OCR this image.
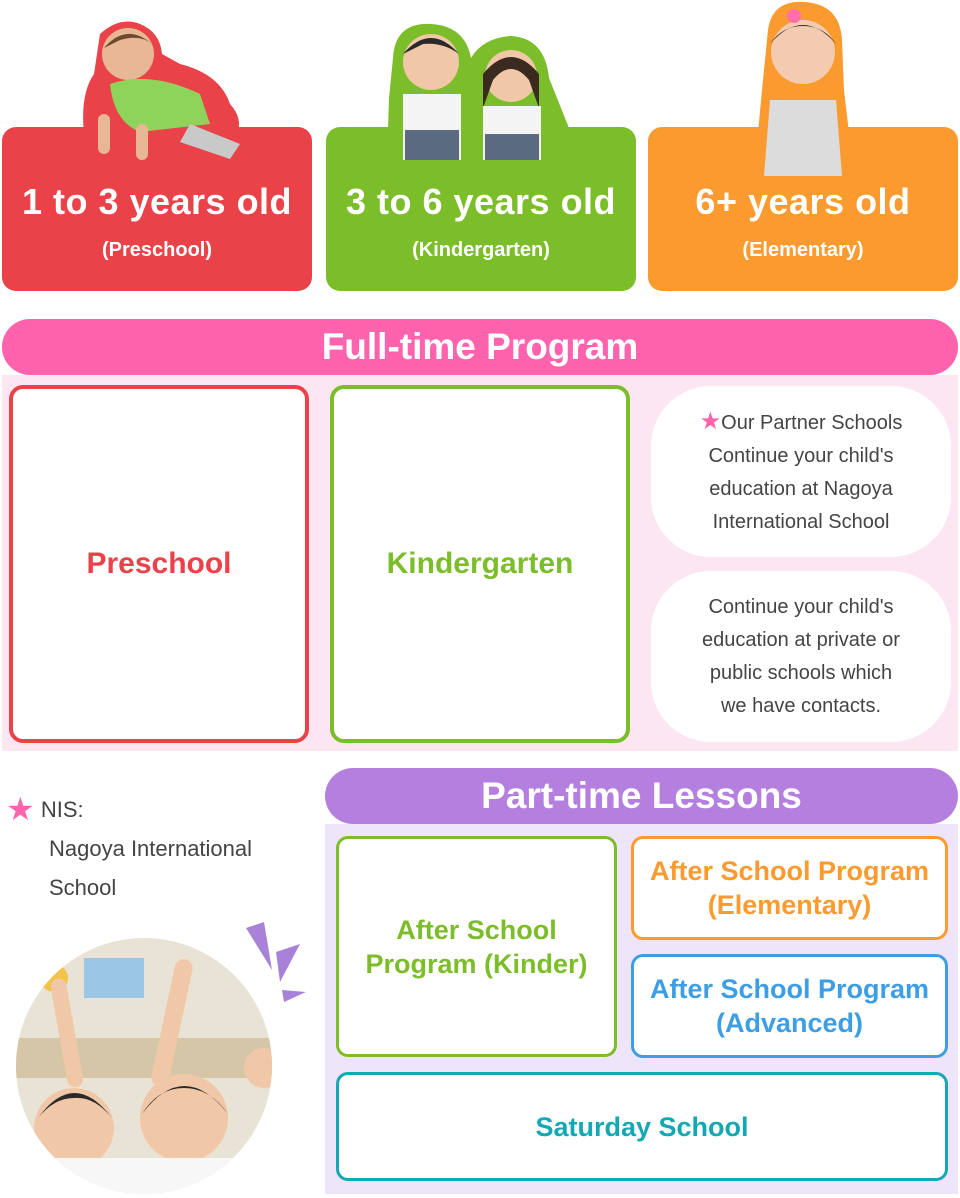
1 to 3 years old
(Preschool)
3 to 6 years old
(Kindergarten)
6+ years old
(Elementary)
Full-time Program
Preschool	Kindergarten
★Our Partner Schools
Continue your child's
education at Nagoya
International School
Continue your child's
education at private or
public schools which
we have contacts.
★ NIS:
Nagoya International
School
Part-time Lessons
After School
Program (Kinder)
After School Program
(Elementary)
After School Program
(Advanced)
Saturday School
